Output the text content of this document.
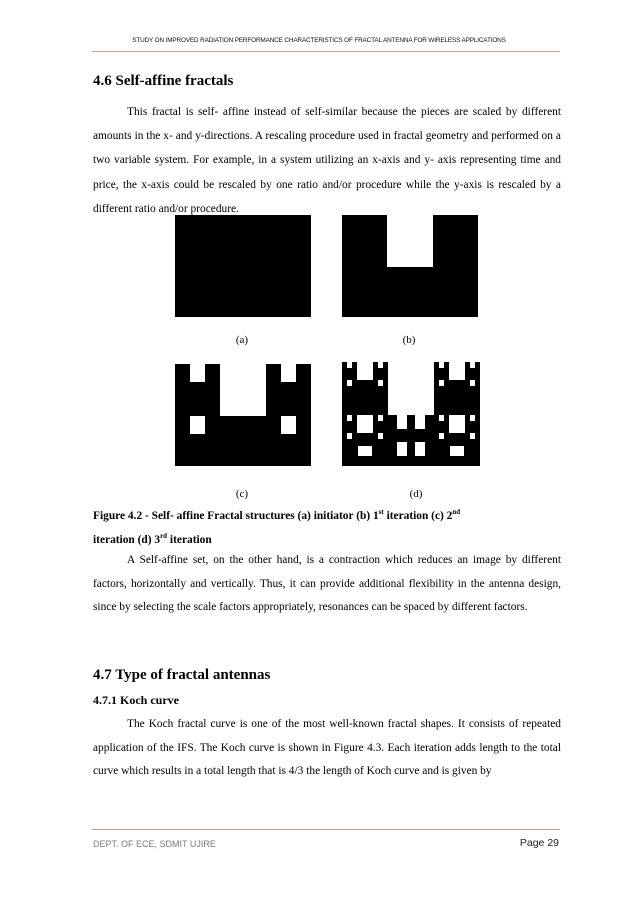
STUDY ON IMPROVED RADIATION PERFORMANCE CHARACTERISTICS OF FRACTAL ANTENNA FOR WIRELESS APPLICATIONS
4.6 Self-affine fractals

This fractal is self- affine instead of self-similar because the pieces are scaled by different amounts in the x- and y-directions. A rescaling procedure used in fractal geometry and performed on a two variable system. For example, in a system utilizing an x-axis and y- axis representing time and price, the x-axis could be rescaled by one ratio and/or procedure while the y-axis is rescaled by a different ratio and/or procedure.

(a)	(b)
(c)	(d)
Figure 4.2 - Self- affine Fractal structures (a) initiator (b) 1st iteration (c) 2nd
iteration (d) 3rd iteration

A Self-affine set, on the other hand, is a contraction which reduces an image by different factors, horizontally and vertically. Thus, it can provide additional flexibility in the antenna design, since by selecting the scale factors appropriately, resonances can be spaced by different factors.

4.7 Type of fractal antennas
4.7.1 Koch curve

The Koch fractal curve is one of the most well-known fractal shapes. It consists of repeated application of the IFS. The Koch curve is shown in Figure 4.3. Each iteration adds length to the total curve which results in a total length that is 4/3 the length of Koch curve and is given by

DEPT. OF ECE, SDMIT UJIRE	Page 29
